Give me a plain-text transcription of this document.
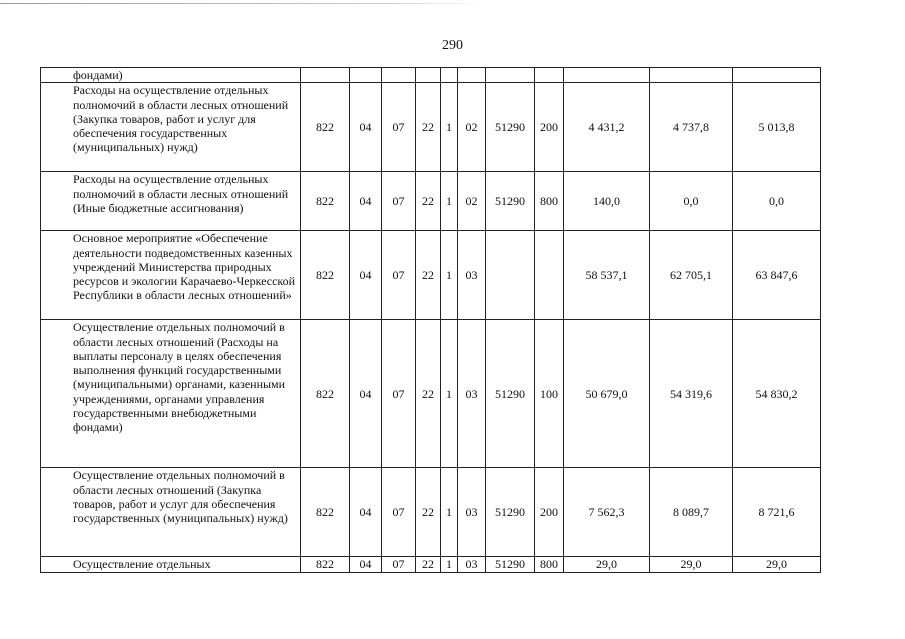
290
фондами)											
Расходы на осуществление отдельных полномочий в области лесных отношений (Закупка товаров, работ и услуг для обеспечения государственных (муниципальных) нужд)	822	04	07	22	1	02	51290	200	4 431,2	4 737,8	5 013,8
Расходы на осуществление отдельных полномочий в области лесных отношений (Иные бюджетные ассигнования)	822	04	07	22	1	02	51290	800	140,0	0,0	0,0
Основное мероприятие «Обеспечение деятельности подведомственных казенных учреждений Министерства природных ресурсов и экологии Карачаево-Черкесской Республики в области лесных отношений»	822	04	07	22	1	03			58 537,1	62 705,1	63 847,6
Осуществление отдельных полномочий в области лесных отношений (Расходы на выплаты персоналу в целях обеспечения выполнения функций государственными (муниципальными) органами, казенными учреждениями, органами управления государственными внебюджетными фондами)	822	04	07	22	1	03	51290	100	50 679,0	54 319,6	54 830,2
Осуществление отдельных полномочий в области лесных отношений (Закупка товаров, работ и услуг для обеспечения государственных (муниципальных) нужд)	822	04	07	22	1	03	51290	200	7 562,3	8 089,7	8 721,6
Осуществление отдельных	822	04	07	22	1	03	51290	800	29,0	29,0	29,0
